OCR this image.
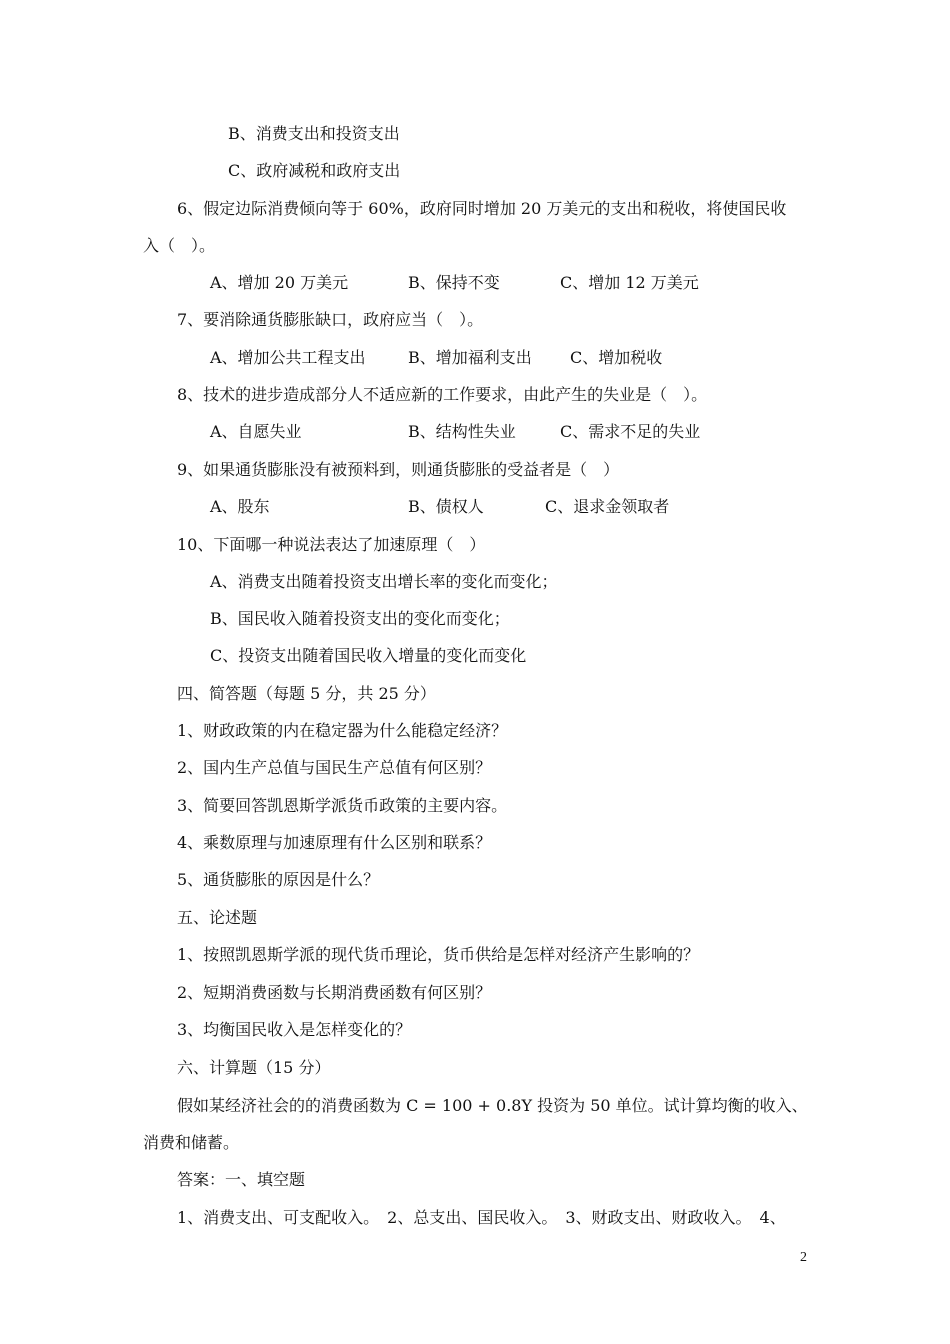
B、消费支出和投资支出
C、政府减税和政府支出
6、假定边际消费倾向等于 60%，政府同时增加 20 万美元的支出和税收，将使国民收
入（　）。
A、增加 20 万美元	B、保持不变	C、增加 12 万美元
7、要消除通货膨胀缺口，政府应当（　）。
A、增加公共工程支出	B、增加福利支出 C、增加税收
8、技术的进步造成部分人不适应新的工作要求，由此产生的失业是（　）。
A、自愿失业	B、结构性失业	C、需求不足的失业
9、如果通货膨胀没有被预料到，则通货膨胀的受益者是（　）
A、股东	B、债权人	C、退求金领取者
10、下面哪一种说法表达了加速原理（　）
A、消费支出随着投资支出增长率的变化而变化；
B、国民收入随着投资支出的变化而变化；
C、投资支出随着国民收入增量的变化而变化
四、简答题（每题 5 分，共 25 分）
1、财政政策的内在稳定器为什么能稳定经济？
2、国内生产总值与国民生产总值有何区别？
3、简要回答凯恩斯学派货币政策的主要内容。
4、乘数原理与加速原理有什么区别和联系？
5、通货膨胀的原因是什么？
五、论述题
1、按照凯恩斯学派的现代货币理论，货币供给是怎样对经济产生影响的？
2、短期消费函数与长期消费函数有何区别？
3、均衡国民收入是怎样变化的？
六、计算题（15 分）
假如某经济社会的的消费函数为 C = 100 + 0.8Y 投资为 50 单位。试计算均衡的收入、
消费和储蓄。
答案：一、填空题
1、消费支出、可支配收入。　2、总支出、国民收入。　3、财政支出、财政收入。　4、
2
